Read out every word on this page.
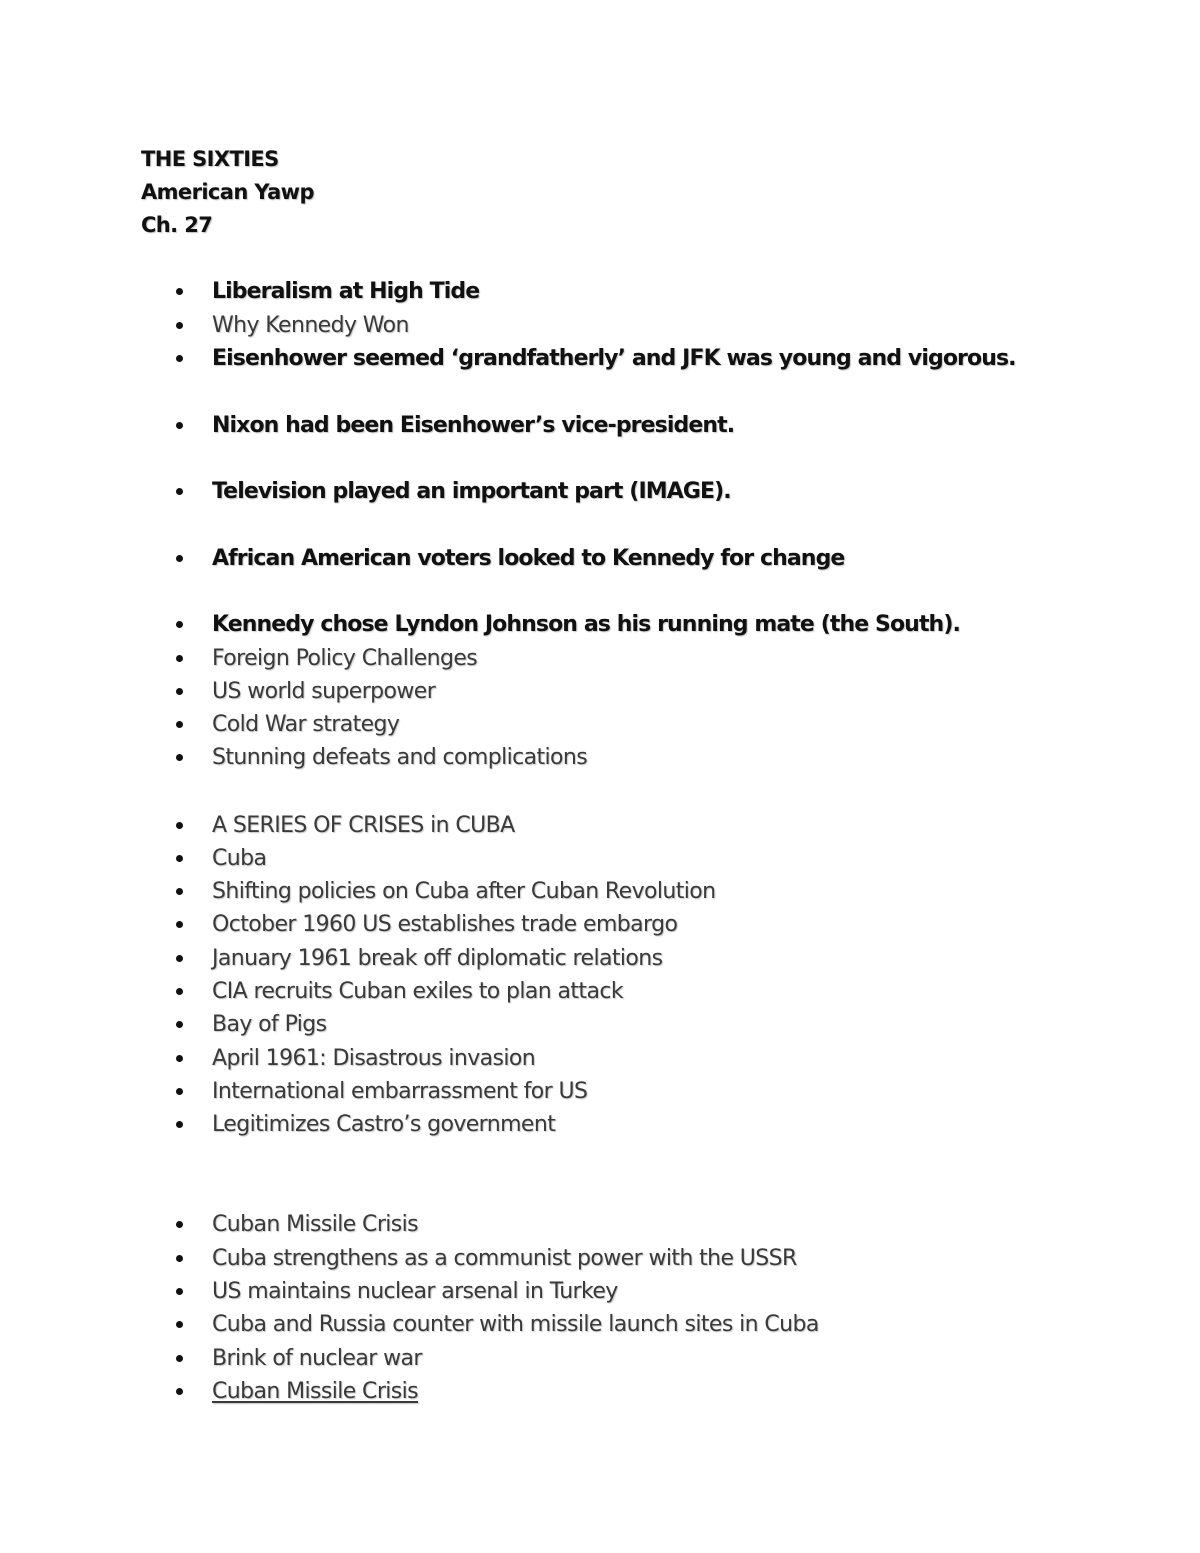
THE SIXTIES
American Yawp
Ch. 27
Liberalism at High Tide
Why Kennedy Won
Eisenhower seemed ‘grandfatherly’ and JFK was young and vigorous.
Nixon had been Eisenhower’s vice-president.
Television played an important part (IMAGE).
African American voters looked to Kennedy for change
Kennedy chose Lyndon Johnson as his running mate (the South).
Foreign Policy Challenges
US world superpower
Cold War strategy
Stunning defeats and complications
A SERIES OF CRISES in CUBA
Cuba
Shifting policies on Cuba after Cuban Revolution
October 1960 US establishes trade embargo
January 1961 break off diplomatic relations
CIA recruits Cuban exiles to plan attack
Bay of Pigs
April 1961: Disastrous invasion
International embarrassment for US
Legitimizes Castro’s government
Cuban Missile Crisis
Cuba strengthens as a communist power with the USSR
US maintains nuclear arsenal in Turkey
Cuba and Russia counter with missile launch sites in Cuba
Brink of nuclear war
Cuban Missile Crisis
